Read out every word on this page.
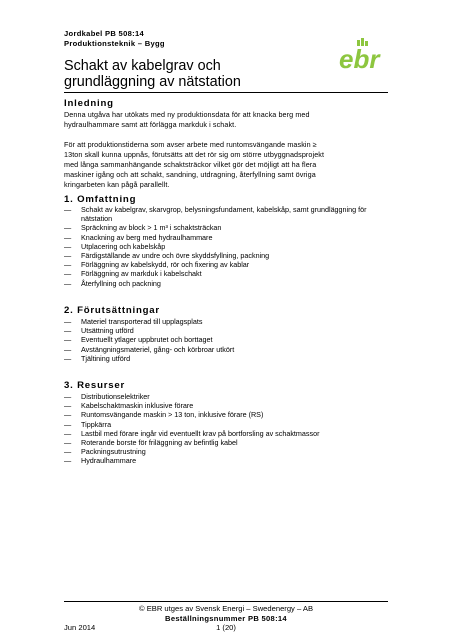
Jordkabel PB 508:14
Produktionsteknik – Bygg
ebr
Schakt av kabelgrav och
grundläggning av nätstation
Inledning
Denna utgåva har utökats med ny produktionsdata för att knacka berg med
hydraulhammare samt att förlägga markduk i schakt.
För att produktionstiderna som avser arbete med runtomsvängande maskin ≥
13ton skall kunna uppnås, förutsätts att det rör sig om större utbyggnadsprojekt
med långa sammanhängande schaktsträckor vilket gör det möjligt att ha flera
maskiner igång och att schakt, sandning, utdragning, återfyllning samt övriga
kringarbeten kan pågå parallellt.
1. Omfattning
— Schakt av kabelgrav, skarvgrop, belysningsfundament, kabelskåp, samt grundläggning för nätstation
— Spräckning av block > 1 m³ i schaktsträckan
— Knackning av berg med hydraulhammare
— Utplacering och kabelskåp
— Färdigställande av undre och övre skyddsfyllning, packning
— Förläggning av kabelskydd, rör och fixering av kablar
— Förläggning av markduk i kabelschakt
— Återfyllning och packning
2. Förutsättningar
— Materiel transporterad till upplagsplats
— Utsättning utförd
— Eventuellt ytlager uppbrutet och borttaget
— Avstängningsmateriel, gång- och körbroar utkört
— Tjältining utförd
3. Resurser
— Distributionselektriker
— Kabelschaktmaskin inklusive förare
— Runtomsvängande maskin > 13 ton, inklusive förare (RS)
— Tippkärra
— Lastbil med förare ingår vid eventuellt krav på bortforsling av schaktmassor
— Roterande borste för friläggning av befintlig kabel
— Packningsutrustning
— Hydraulhammare
© EBR utges av Svensk Energi – Swedenergy – AB
Beställningsnummer PB 508:14
Jun 2014	1 (20)
